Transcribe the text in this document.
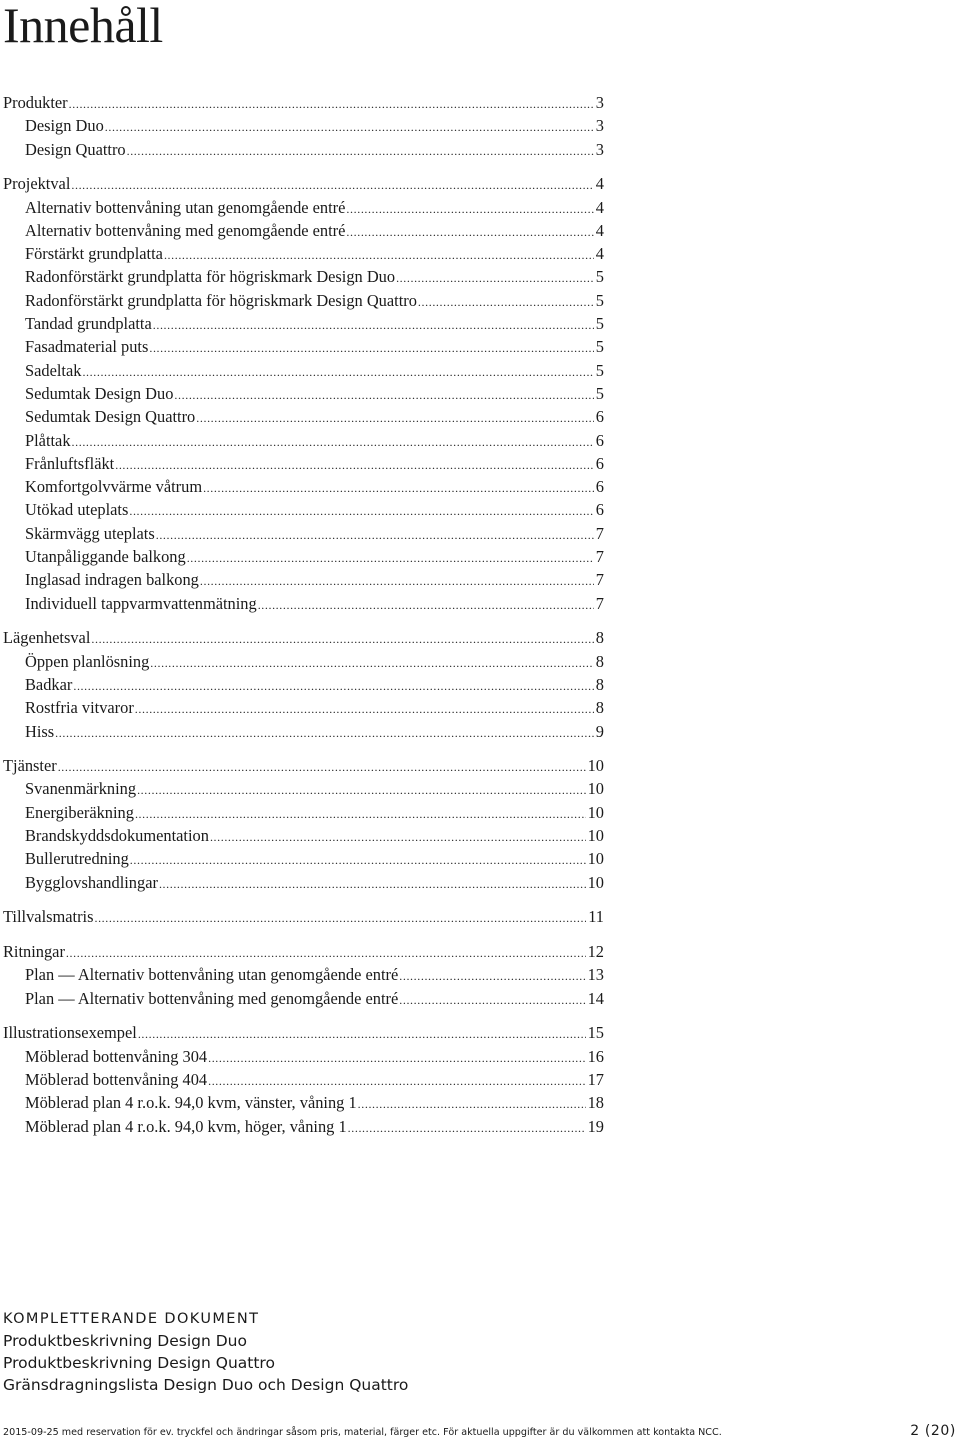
Innehåll
Produkter .....	3
Design Duo .....	3
Design Quattro .....	3
Projektval .....	4
Alternativ bottenvåning utan genomgående entré .....	4
Alternativ bottenvåning med genomgående entré .....	4
Förstärkt grundplatta .....	4
Radonförstärkt grundplatta för högriskmark Design Duo .....	5
Radonförstärkt grundplatta för högriskmark Design Quattro .....	5
Tandad grundplatta .....	5
Fasadmaterial puts .....	5
Sadeltak .....	5
Sedumtak Design Duo .....	5
Sedumtak Design Quattro .....	6
Plåttak .....	6
Frånluftsfläkt .....	6
Komfortgolvvärme våtrum .....	6
Utökad uteplats .....	6
Skärmvägg uteplats .....	7
Utanpåliggande balkong .....	7
Inglasad indragen balkong .....	7
Individuell tappvarmvattenmätning .....	7
Lägenhetsval .....	8
Öppen planlösning .....	8
Badkar .....	8
Rostfria vitvaror .....	8
Hiss .....	9
Tjänster .....	10
Svanenmärkning .....	10
Energiberäkning .....	10
Brandskyddsdokumentation .....	10
Bullerutredning .....	10
Bygglovshandlingar .....	10
Tillvalsmatris .....	11
Ritningar .....	12
Plan — Alternativ bottenvåning utan genomgående entré .....	13
Plan — Alternativ bottenvåning med genomgående entré .....	14
Illustrationsexempel .....	15
Möblerad bottenvåning 304 .....	16
Möblerad bottenvåning 404 .....	17
Möblerad plan 4 r.o.k. 94,0 kvm, vänster, våning 1 .....	18
Möblerad plan 4 r.o.k. 94,0 kvm, höger, våning 1 .....	19
KOMPLETTERANDE DOKUMENT
Produktbeskrivning Design Duo
Produktbeskrivning Design Quattro
Gränsdragningslista Design Duo och Design Quattro
2015-09-25 med reservation för ev. tryckfel och ändringar såsom pris, material, färger etc. För aktuella uppgifter är du välkommen att kontakta NCC.	2 (20)
